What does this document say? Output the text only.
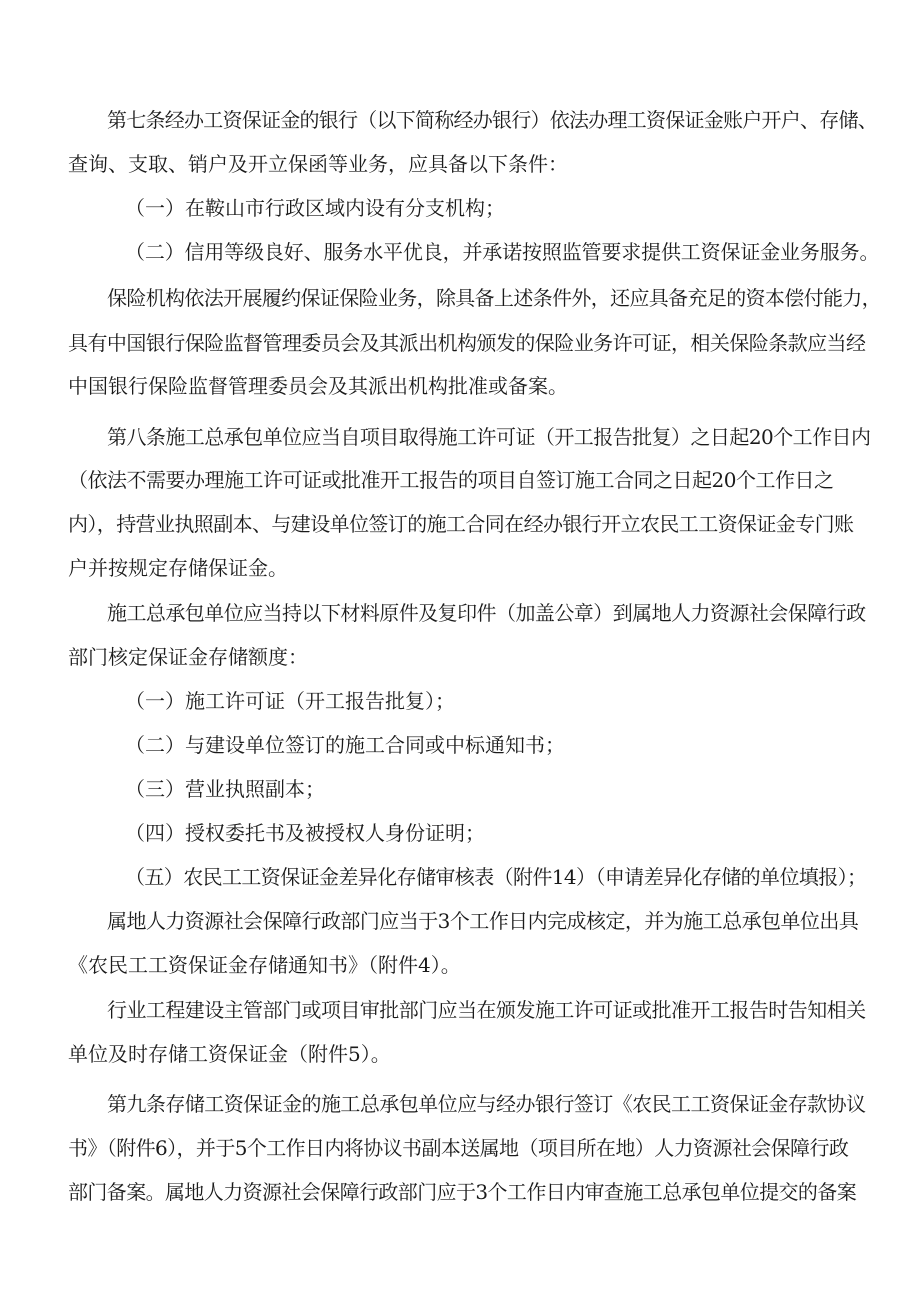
第七条经办工资保证金的银行（以下简称经办银行）依法办理工资保证金账户开户、存储、
查询、支取、销户及开立保函等业务，应具备以下条件：
（一）在鞍山市行政区域内设有分支机构；
（二）信用等级良好、服务水平优良，并承诺按照监管要求提供工资保证金业务服务。
保险机构依法开展履约保证保险业务，除具备上述条件外，还应具备充足的资本偿付能力，
具有中国银行保险监督管理委员会及其派出机构颁发的保险业务许可证，相关保险条款应当经
中国银行保险监督管理委员会及其派出机构批准或备案。
第八条施工总承包单位应当自项目取得施工许可证（开工报告批复）之日起20个工作日内
（依法不需要办理施工许可证或批准开工报告的项目自签订施工合同之日起20个工作日之
内），持营业执照副本、与建设单位签订的施工合同在经办银行开立农民工工资保证金专门账
户并按规定存储保证金。
施工总承包单位应当持以下材料原件及复印件（加盖公章）到属地人力资源社会保障行政
部门核定保证金存储额度：
（一）施工许可证（开工报告批复）；
（二）与建设单位签订的施工合同或中标通知书；
（三）营业执照副本；
（四）授权委托书及被授权人身份证明；
（五）农民工工资保证金差异化存储审核表（附件14）（申请差异化存储的单位填报）；
属地人力资源社会保障行政部门应当于3个工作日内完成核定，并为施工总承包单位出具
《农民工工资保证金存储通知书》（附件4）。
行业工程建设主管部门或项目审批部门应当在颁发施工许可证或批准开工报告时告知相关
单位及时存储工资保证金（附件5）。
第九条存储工资保证金的施工总承包单位应与经办银行签订《农民工工资保证金存款协议
书》（附件6），并于5个工作日内将协议书副本送属地（项目所在地）人力资源社会保障行政
部门备案。属地人力资源社会保障行政部门应于3个工作日内审查施工总承包单位提交的备案
